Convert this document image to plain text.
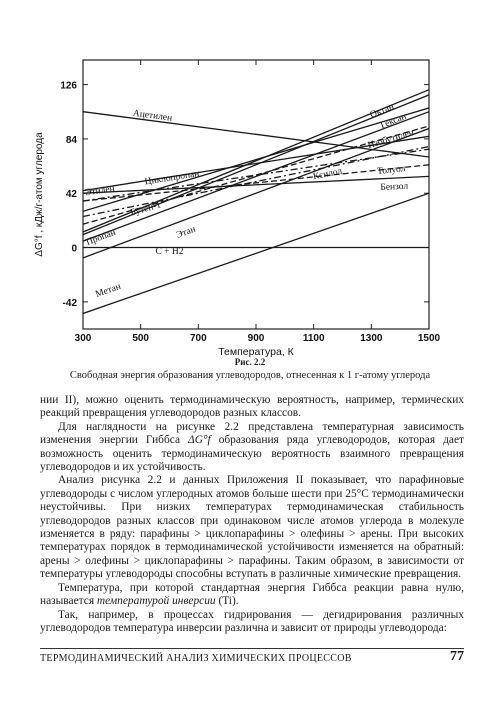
300	500	700	900	1100	1300	1500
126
84
42
0
-42
Температура, К
ΔG°f , кДж/г-атом углерода
Ацетилен
Этилен
Циклопропан
Бутен-1
Пропан	Этан
Метан
C + H2
Октан
Гексан
Изобутилен
Толуол
Ксилол
Бензол
Рис. 2.2
Свободная энергия образования углеводородов, отнесенная к 1 г-атому углерода

нии II), можно оценить термодинамическую вероятность, например, термических реакций превращения углеводородов разных классов.

Для наглядности на рисунке 2.2 представлена температурная зависимость изменения энергии Гиббса ΔG°f образования ряда углеводородов, которая дает возможность оценить термодинамическую вероятность взаимного превращения углеводородов и их устойчивость.

Анализ рисунка 2.2 и данных Приложения II показывает, что парафиновые углеводороды с числом углеродных атомов больше шести при 25°С термодинамически неустойчивы. При низких температурах термодинамическая стабильность углеводородов разных классов при одинаковом числе атомов углерода в молекуле изменяется в ряду: парафины > циклопарафины > олефины > арены. При высоких температурах порядок в термодинамической устойчивости изменяется на обратный: арены > олефины > циклопарафины > парафины. Таким образом, в зависимости от температуры углеводороды способны вступать в различные химические превращения.

Температура, при которой стандартная энергия Гиббса реакции равна нулю, называется температурой инверсии (Ti).

Так, например, в процессах гидрирования — дегидрирования различных углеводородов температура инверсии различна и зависит от природы углеводорода:

ТЕРМОДИНАМИЧЕСКИЙ АНАЛИЗ ХИМИЧЕСКИХ ПРОЦЕССОВ	77
